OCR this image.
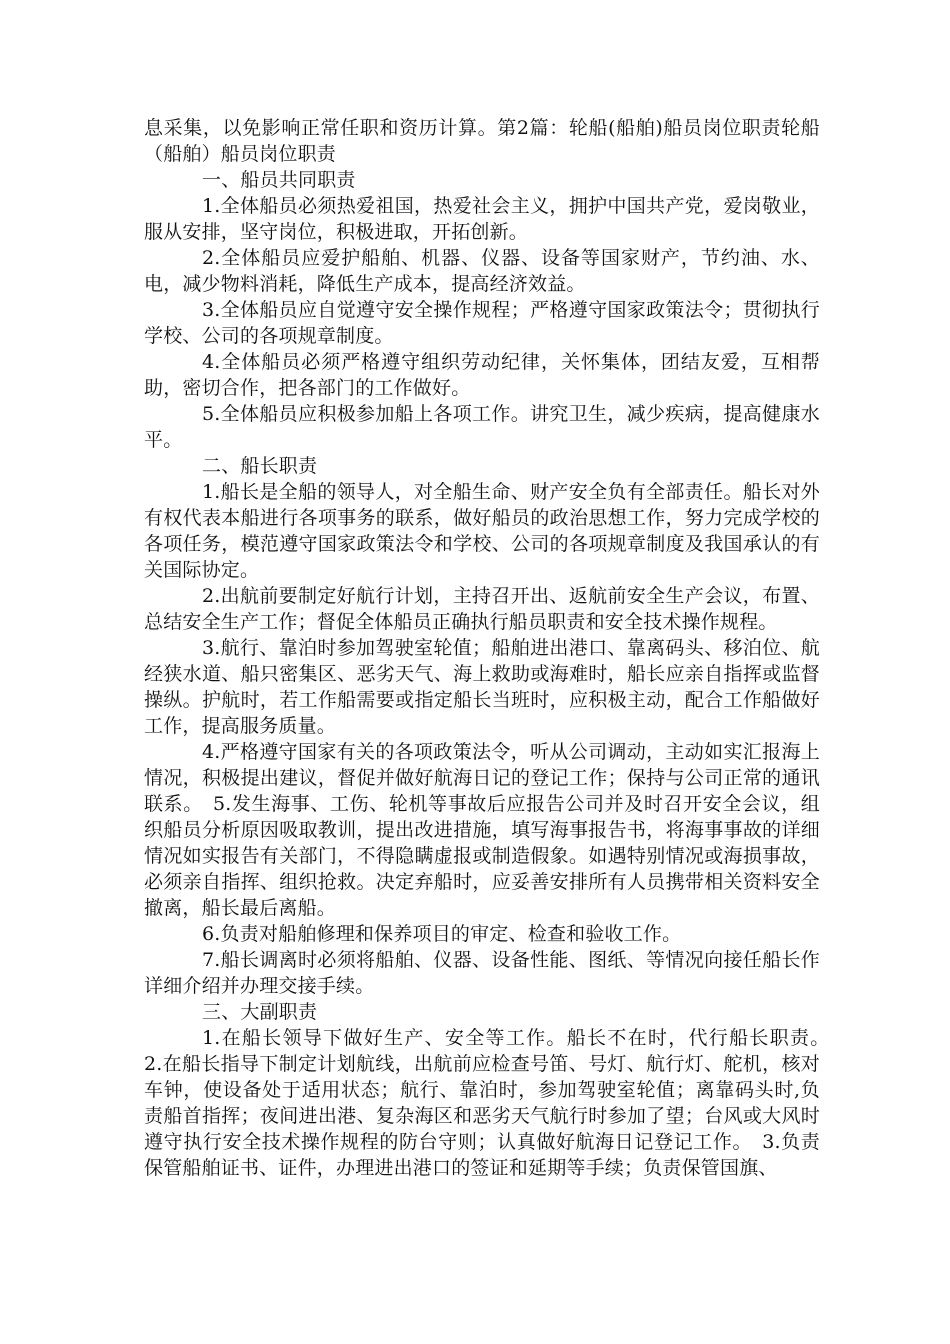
息采集，以免影响正常任职和资历计算。第2篇：轮船(船舶)船员岗位职责轮船（船舶）船员岗位职责

一、船员共同职责

1.全体船员必须热爱祖国，热爱社会主义，拥护中国共产党，爱岗敬业，服从安排，坚守岗位，积极进取，开拓创新。

2.全体船员应爱护船舶、机器、仪器、设备等国家财产，节约油、水、电，减少物料消耗，降低生产成本，提高经济效益。

3.全体船员应自觉遵守安全操作规程；严格遵守国家政策法令；贯彻执行学校、公司的各项规章制度。

4.全体船员必须严格遵守组织劳动纪律，关怀集体，团结友爱，互相帮助，密切合作，把各部门的工作做好。

5.全体船员应积极参加船上各项工作。讲究卫生，减少疾病，提高健康水平。

二、船长职责

1.船长是全船的领导人，对全船生命、财产安全负有全部责任。船长对外有权代表本船进行各项事务的联系，做好船员的政治思想工作，努力完成学校的各项任务，模范遵守国家政策法令和学校、公司的各项规章制度及我国承认的有关国际协定。

2.出航前要制定好航行计划，主持召开出、返航前安全生产会议，布置、总结安全生产工作；督促全体船员正确执行船员职责和安全技术操作规程。

3.航行、靠泊时参加驾驶室轮值；船舶进出港口、靠离码头、移泊位、航经狭水道、船只密集区、恶劣天气、海上救助或海难时，船长应亲自指挥或监督操纵。护航时，若工作船需要或指定船长当班时，应积极主动，配合工作船做好工作，提高服务质量。

4.严格遵守国家有关的各项政策法令，听从公司调动，主动如实汇报海上情况，积极提出建议，督促并做好航海日记的登记工作；保持与公司正常的通讯联系。　5.发生海事、工伤、轮机等事故后应报告公司并及时召开安全会议，组织船员分析原因吸取教训，提出改进措施，填写海事报告书，将海事事故的详细情况如实报告有关部门，不得隐瞒虚报或制造假象。如遇特别情况或海损事故，必须亲自指挥、组织抢救。决定弃船时，应妥善安排所有人员携带相关资料安全撤离，船长最后离船。

6.负责对船舶修理和保养项目的审定、检查和验收工作。

7.船长调离时必须将船舶、仪器、设备性能、图纸、等情况向接任船长作详细介绍并办理交接手续。

三、大副职责

1.在船长领导下做好生产、安全等工作。船长不在时，代行船长职责。　2.在船长指导下制定计划航线，出航前应检查号笛、号灯、航行灯、舵机，核对车钟，使设备处于适用状态；航行、靠泊时，参加驾驶室轮值；离靠码头时,负责船首指挥；夜间进出港、复杂海区和恶劣天气航行时参加了望；台风或大风时遵守执行安全技术操作规程的防台守则；认真做好航海日记登记工作。　3.负责保管船舶证书、证件，办理进出港口的签证和延期等手续；负责保管国旗、
